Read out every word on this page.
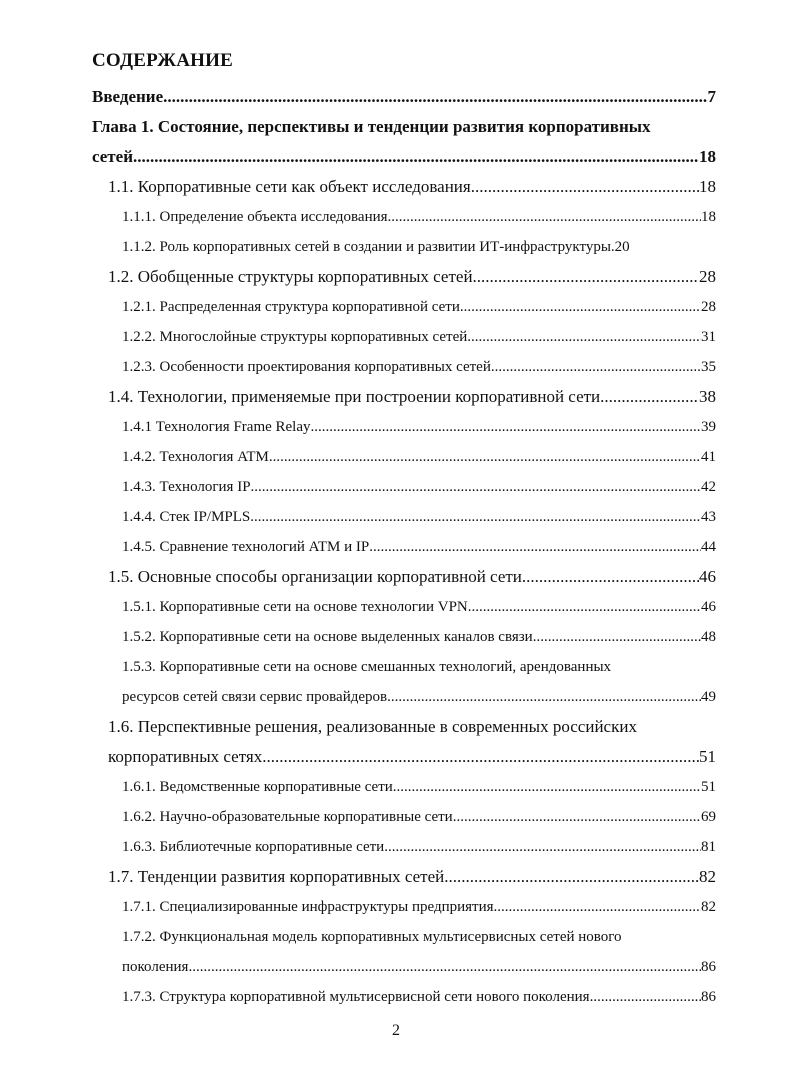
СОДЕРЖАНИЕ
Введение .....	7
Глава 1. Состояние, перспективы и тенденции развития корпоративных
сетей .....	18
1.1. Корпоративные сети как объект исследования .....	18
1.1.1. Определение объекта исследования .....	18
1.1.2. Роль корпоративных сетей в создании и развитии ИТ-инфраструктуры. 20
1.2. Обобщенные структуры корпоративных сетей .....	28
1.2.1. Распределенная структура корпоративной сети .....	28
1.2.2. Многослойные структуры корпоративных сетей .....	31
1.2.3. Особенности проектирования корпоративных сетей .....	35
1.4. Технологии, применяемые при построении корпоративной сети .....	38
1.4.1 Технология Frame Relay .....	39
1.4.2. Технология ATM .....	41
1.4.3. Технология IP .....	42
1.4.4. Стек IP/MPLS .....	43
1.4.5. Сравнение технологий ATM и IP .....	44
1.5. Основные способы организации корпоративной сети .....	46
1.5.1. Корпоративные сети на основе технологии VPN .....	46
1.5.2. Корпоративные сети на основе выделенных каналов связи .....	48
1.5.3. Корпоративные сети на основе смешанных технологий, арендованных
ресурсов сетей связи сервис провайдеров .....	49
1.6. Перспективные решения, реализованные в современных российских
корпоративных сетях .....	51
1.6.1. Ведомственные корпоративные сети .....	51
1.6.2. Научно-образовательные корпоративные сети .....	69
1.6.3. Библиотечные корпоративные сети .....	81
1.7. Тенденции развития корпоративных сетей .....	82
1.7.1. Специализированные инфраструктуры предприятия .....	82
1.7.2. Функциональная модель корпоративных мультисервисных сетей нового
поколения .....	86
1.7.3. Структура корпоративной мультисервисной сети нового поколения .....	86
2
